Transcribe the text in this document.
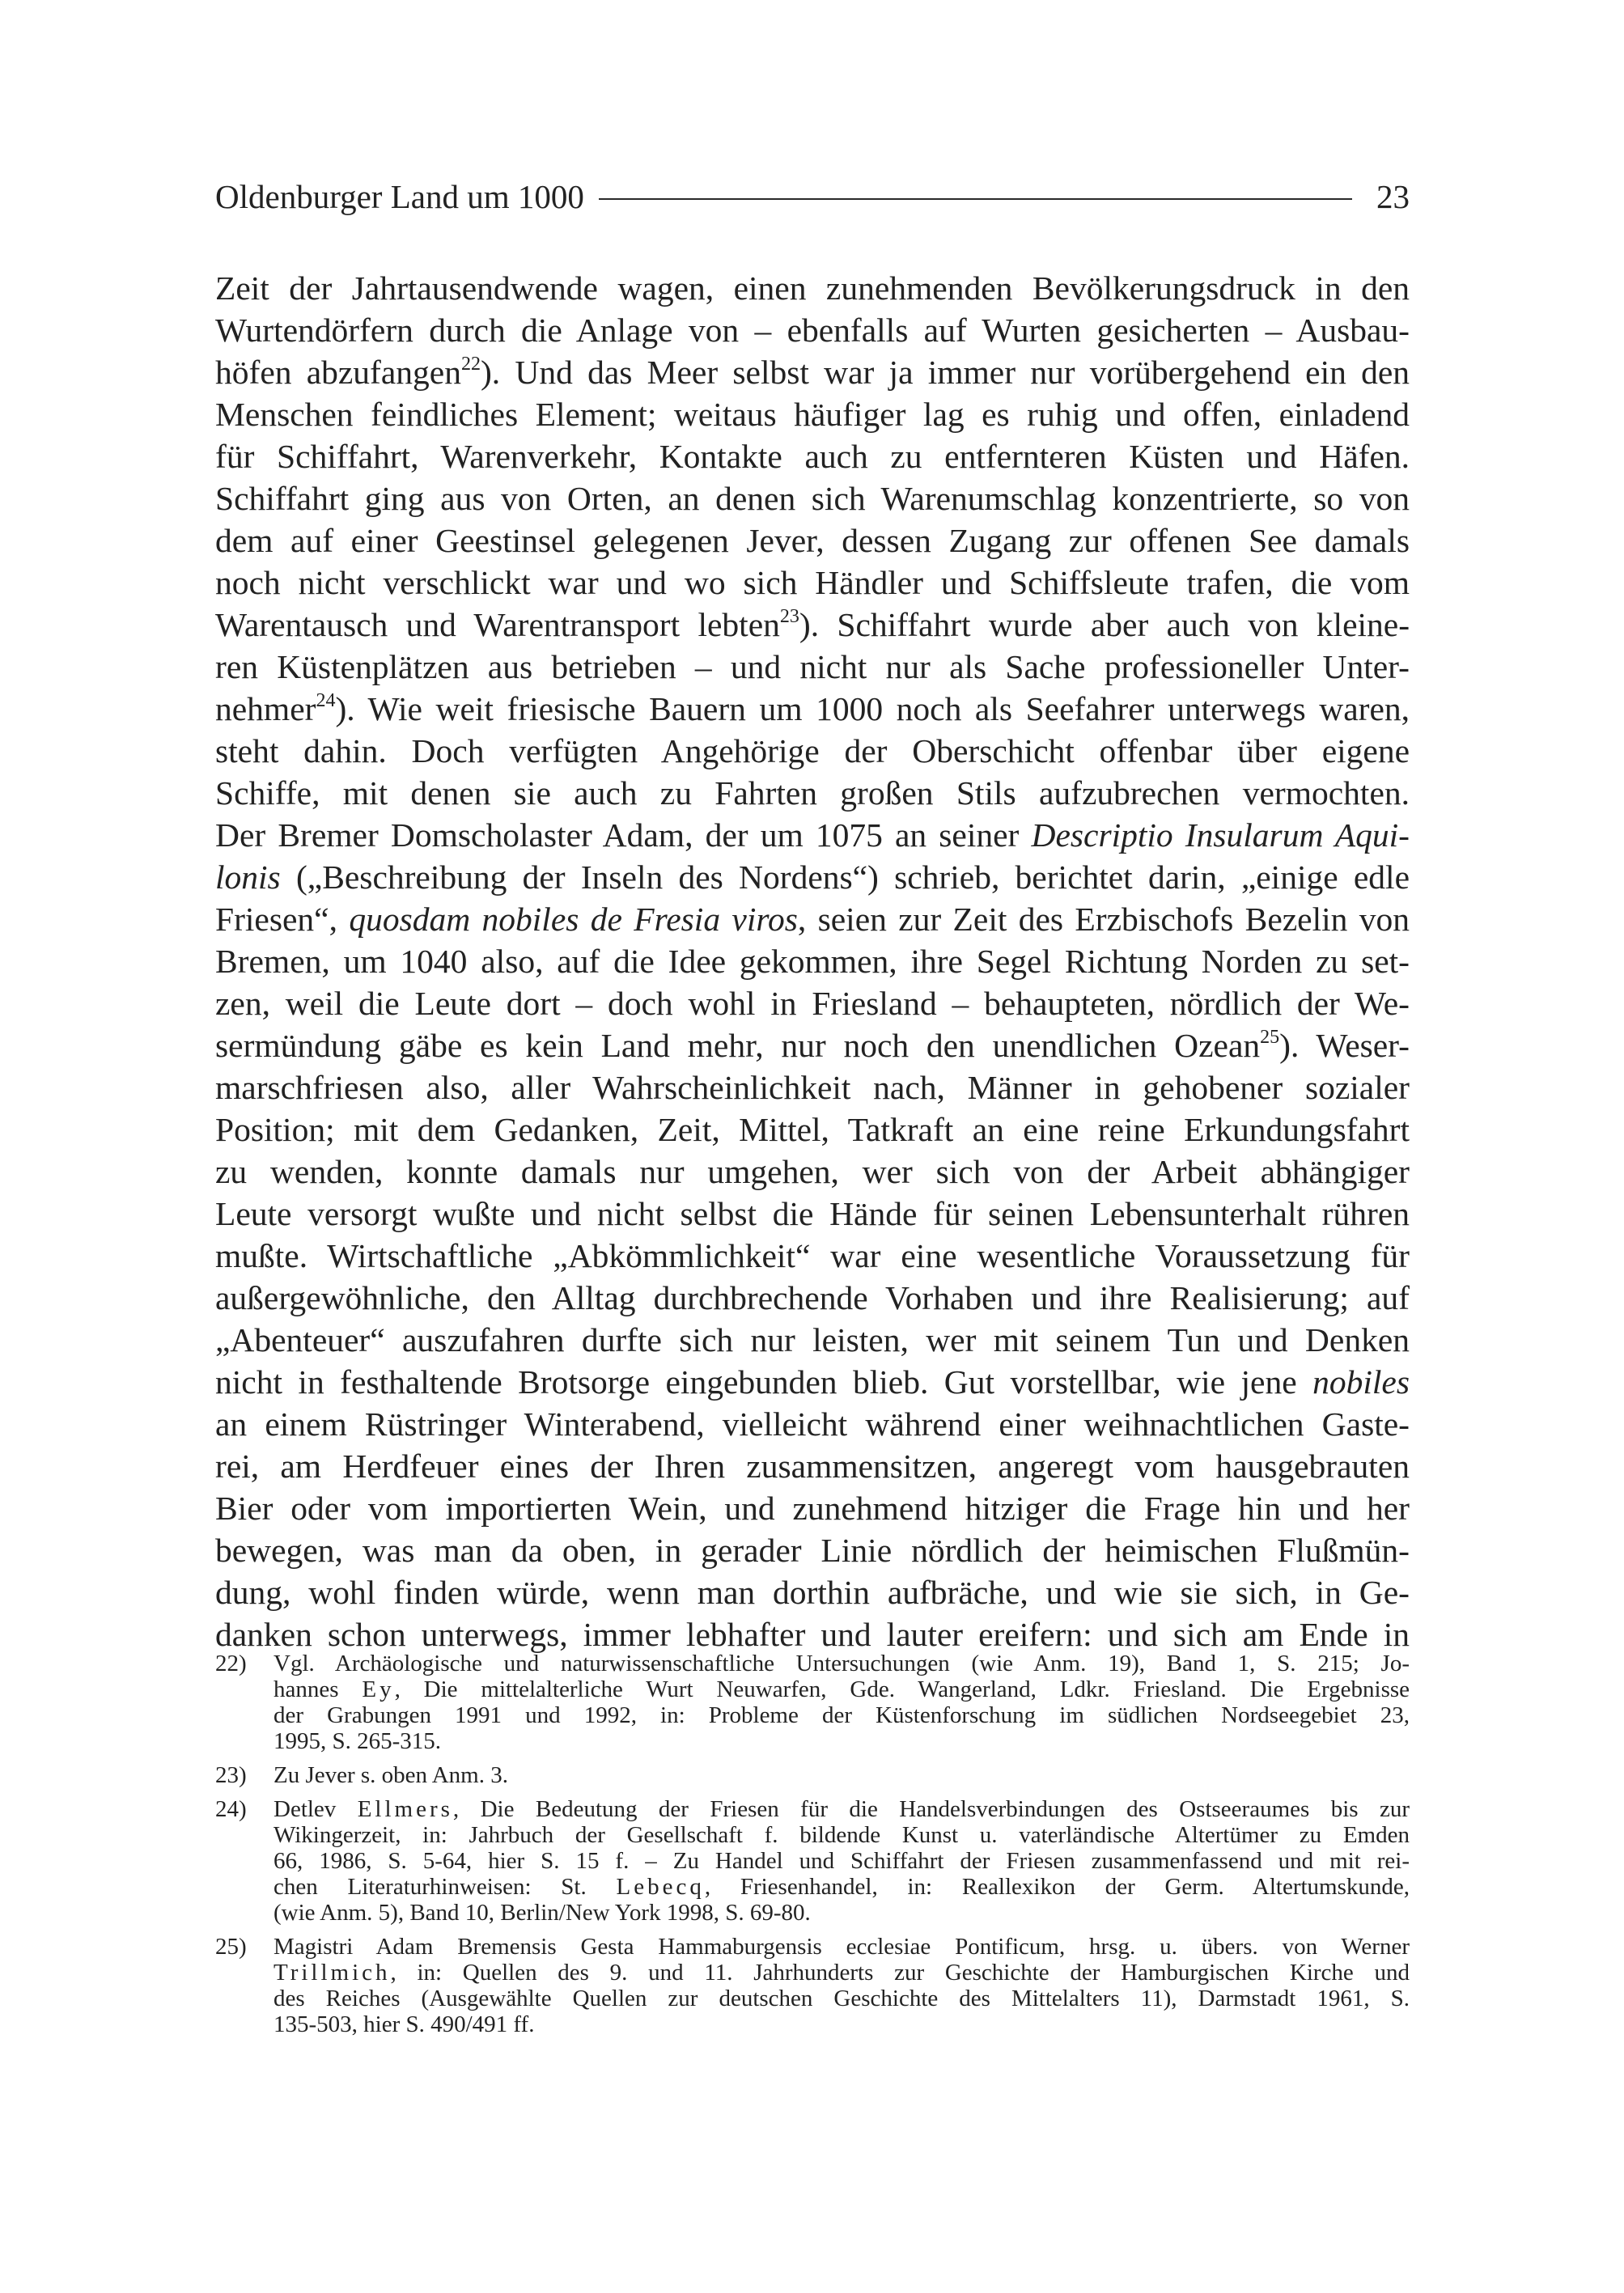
Oldenburger Land um 1000	23
Zeit der Jahrtausendwende wagen, einen zunehmenden Bevölkerungsdruck in den
Wurtendörfern durch die Anlage von – ebenfalls auf Wurten gesicherten – Ausbau-
höfen abzufangen$^{22}$). Und das Meer selbst war ja immer nur vorübergehend ein den
Menschen feindliches Element; weitaus häufiger lag es ruhig und offen, einladend
für Schiffahrt, Warenverkehr, Kontakte auch zu entfernteren Küsten und Häfen.
Schiffahrt ging aus von Orten, an denen sich Warenumschlag konzentrierte, so von
dem auf einer Geestinsel gelegenen Jever, dessen Zugang zur offenen See damals
noch nicht verschlickt war und wo sich Händler und Schiffsleute trafen, die vom
Warentausch und Warentransport lebten$^{23}$). Schiffahrt wurde aber auch von kleine-
ren Küstenplätzen aus betrieben – und nicht nur als Sache professioneller Unter-
nehmer$^{24}$). Wie weit friesische Bauern um 1000 noch als Seefahrer unterwegs waren,
steht dahin. Doch verfügten Angehörige der Oberschicht offenbar über eigene
Schiffe, mit denen sie auch zu Fahrten großen Stils aufzubrechen vermochten.
Der Bremer Domscholaster Adam, der um 1075 an seiner Descriptio Insularum Aqui-
lonis („Beschreibung der Inseln des Nordens“) schrieb, berichtet darin, „einige edle
Friesen“, quosdam nobiles de Fresia viros, seien zur Zeit des Erzbischofs Bezelin von
Bremen, um 1040 also, auf die Idee gekommen, ihre Segel Richtung Norden zu set-
zen, weil die Leute dort – doch wohl in Friesland – behaupteten, nördlich der We-
sermündung gäbe es kein Land mehr, nur noch den unendlichen Ozean$^{25}$). Weser-
marschfriesen also, aller Wahrscheinlichkeit nach, Männer in gehobener sozialer
Position; mit dem Gedanken, Zeit, Mittel, Tatkraft an eine reine Erkundungsfahrt
zu wenden, konnte damals nur umgehen, wer sich von der Arbeit abhängiger
Leute versorgt wußte und nicht selbst die Hände für seinen Lebensunterhalt rühren
mußte. Wirtschaftliche „Abkömmlichkeit“ war eine wesentliche Voraussetzung für
außergewöhnliche, den Alltag durchbrechende Vorhaben und ihre Realisierung; auf
„Abenteuer“ auszufahren durfte sich nur leisten, wer mit seinem Tun und Denken
nicht in festhaltende Brotsorge eingebunden blieb. Gut vorstellbar, wie jene nobiles
an einem Rüstringer Winterabend, vielleicht während einer weihnachtlichen Gaste-
rei, am Herdfeuer eines der Ihren zusammensitzen, angeregt vom hausgebrauten
Bier oder vom importierten Wein, und zunehmend hitziger die Frage hin und her
bewegen, was man da oben, in gerader Linie nördlich der heimischen Flußmün-
dung, wohl finden würde, wenn man dorthin aufbräche, und wie sie sich, in Ge-
danken schon unterwegs, immer lebhafter und lauter ereifern: und sich am Ende in
22) Vgl. Archäologische und naturwissenschaftliche Untersuchungen (wie Anm. 19), Band 1, S. 215; Jo-
hannes Ey, Die mittelalterliche Wurt Neuwarfen, Gde. Wangerland, Ldkr. Friesland. Die Ergebnisse
der Grabungen 1991 und 1992, in: Probleme der Küstenforschung im südlichen Nordseegebiet 23,
1995, S. 265-315.
23) Zu Jever s. oben Anm. 3.
24) Detlev Ellmers, Die Bedeutung der Friesen für die Handelsverbindungen des Ostseeraumes bis zur
Wikingerzeit, in: Jahrbuch der Gesellschaft f. bildende Kunst u. vaterländische Altertümer zu Emden
66, 1986, S. 5-64, hier S. 15 f. – Zu Handel und Schiffahrt der Friesen zusammenfassend und mit rei-
chen Literaturhinweisen: St. Lebecq, Friesenhandel, in: Reallexikon der Germ. Altertumskunde,
(wie Anm. 5), Band 10, Berlin/New York 1998, S. 69-80.
25) Magistri Adam Bremensis Gesta Hammaburgensis ecclesiae Pontificum, hrsg. u. übers. von Werner
Trillmich, in: Quellen des 9. und 11. Jahrhunderts zur Geschichte der Hamburgischen Kirche und
des Reiches (Ausgewählte Quellen zur deutschen Geschichte des Mittelalters 11), Darmstadt 1961, S.
135-503, hier S. 490/491 ff.
